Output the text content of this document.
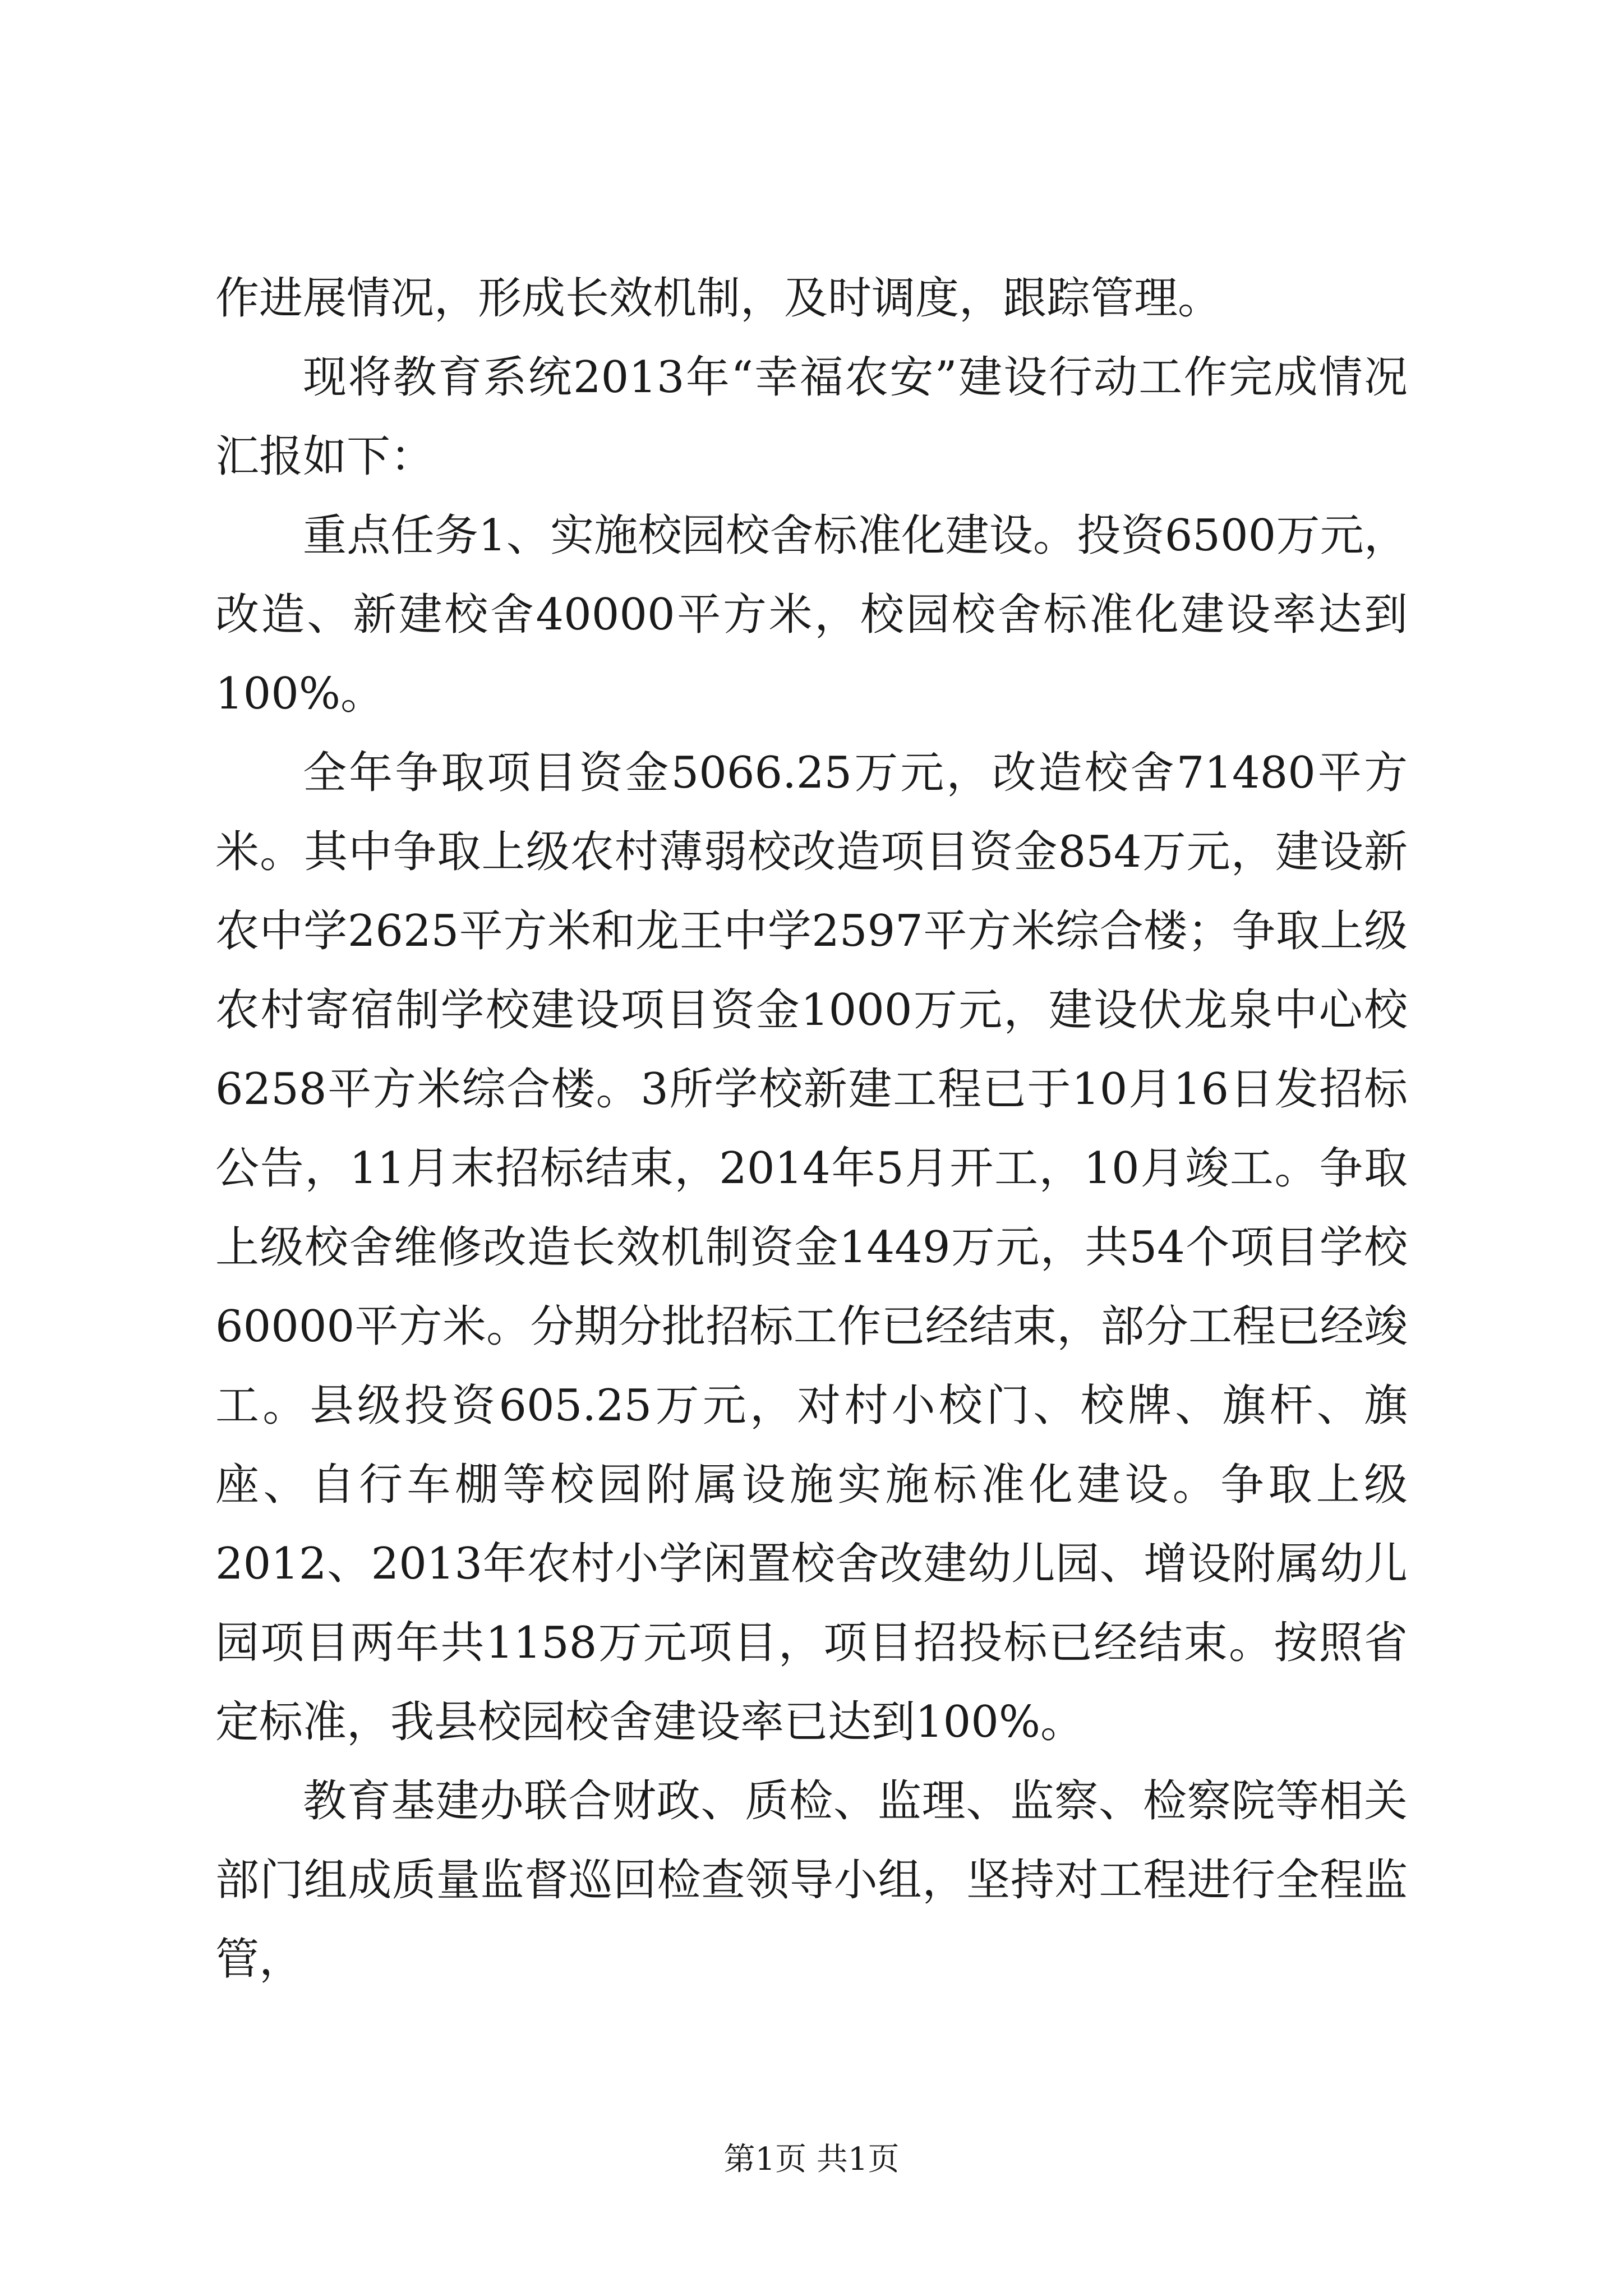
作进展情况，形成长效机制，及时调度，跟踪管理。

现将教育系统2013年“幸福农安”建设行动工作完成情况汇报如下：

重点任务1、实施校园校舍标准化建设。投资6500万元，改造、新建校舍40000平方米，校园校舍标准化建设率达到100%。

全年争取项目资金5066.25万元，改造校舍71480平方米。其中争取上级农村薄弱校改造项目资金854万元，建设新农中学2625平方米和龙王中学2597平方米综合楼；争取上级农村寄宿制学校建设项目资金1000万元，建设伏龙泉中心校6258平方米综合楼。3所学校新建工程已于10月16日发招标公告，11月末招标结束，2014年5月开工，10月竣工。争取上级校舍维修改造长效机制资金1449万元，共54个项目学校60000平方米。分期分批招标工作已经结束，部分工程已经竣工。县级投资605.25万元，对村小校门、校牌、旗杆、旗座、自行车棚等校园附属设施实施标准化建设。争取上级2012、2013年农村小学闲置校舍改建幼儿园、增设附属幼儿园项目两年共1158万元项目，项目招投标已经结束。按照省定标准，我县校园校舍建设率已达到100%。

教育基建办联合财政、质检、监理、监察、检察院等相关部门组成质量监督巡回检查领导小组，坚持对工程进行全程监管，

第1页 共1页
